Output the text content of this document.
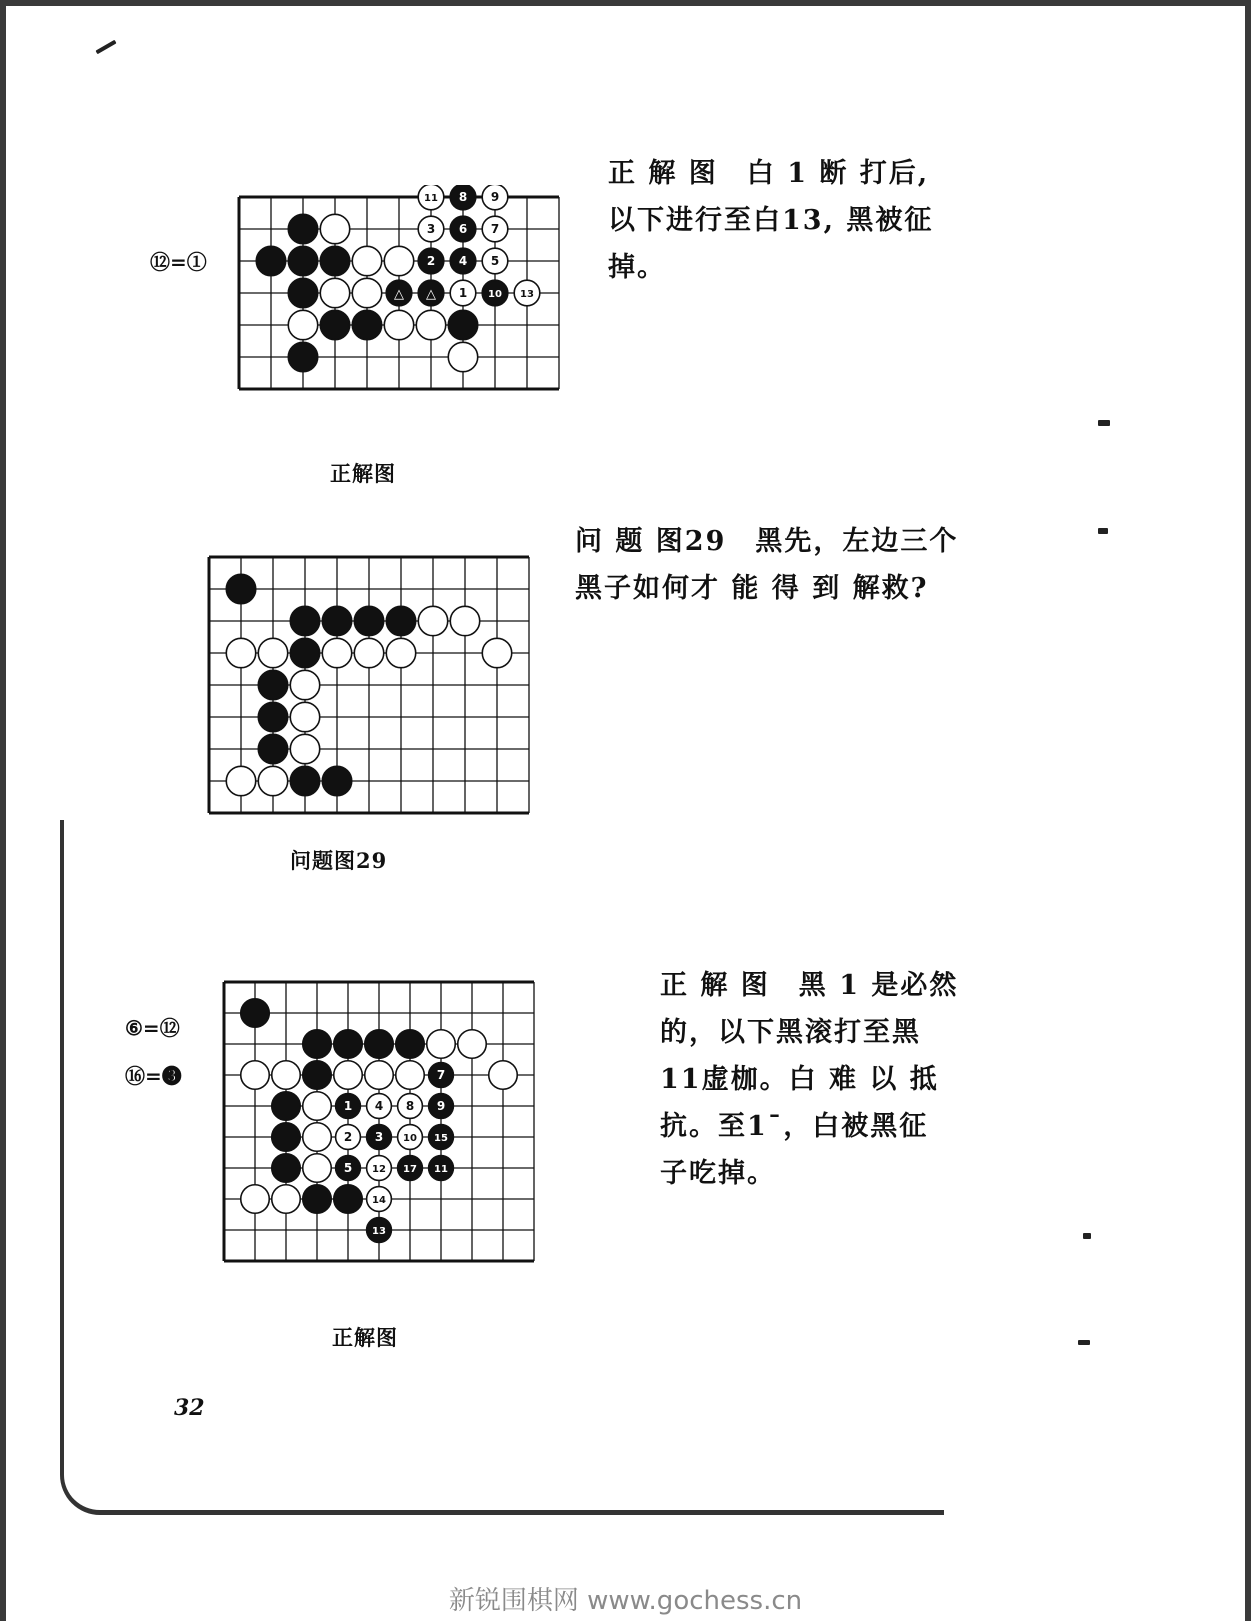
⑫=①
△ △
11 8 9
3 6 7
2 4 5
1 10 13
正解图

正 解 图　白 1 断 打后,

以下进行至白13, 黑被征

掉。

问题图29

问 题 图29　黑先，左边三个

黑子如何才 能 得 到 解救?

⑥=⑫
⑯=❸	7
1 4 8 9
2 3 10 15
5 12 17 11
14
13
正解图

正 解 图　黑 1 是必然

的，以下黑滚打至黑

11虚枷。白 难 以 抵

抗。至1¯，白被黑征

子吃掉。

32
新锐围棋网 www.gochess.cn
